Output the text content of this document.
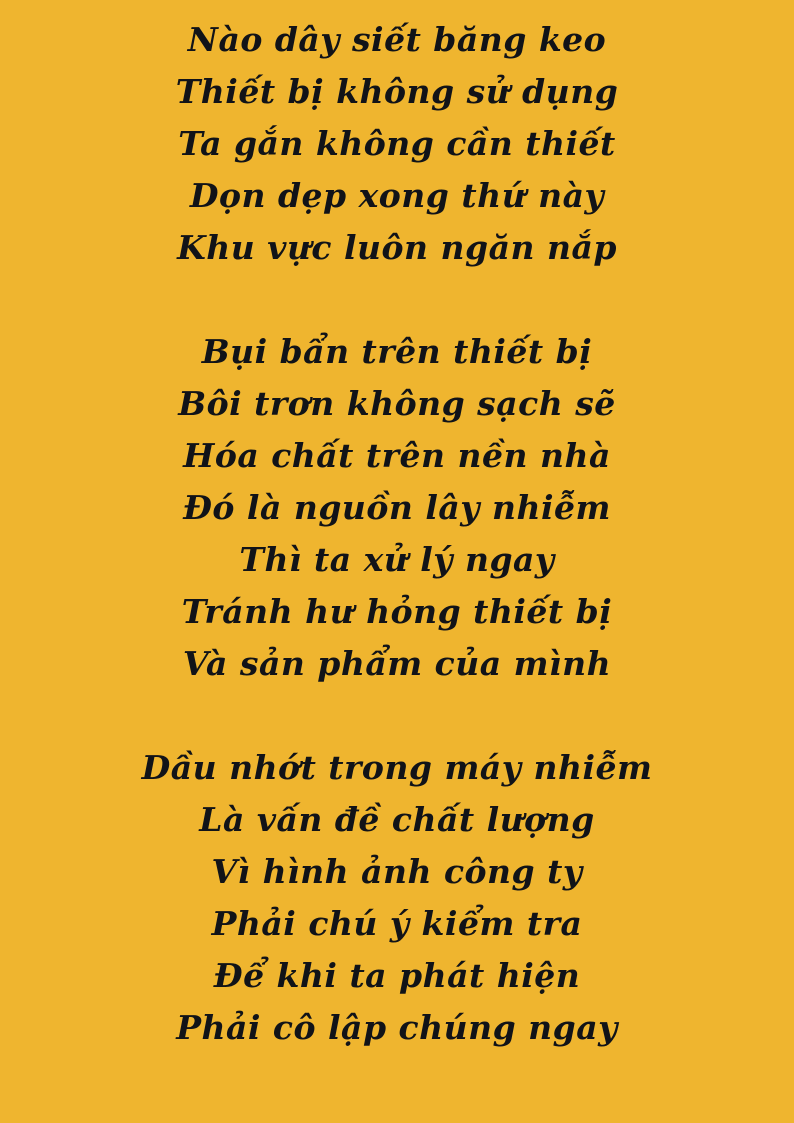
Nào dây siết băng keo
Thiết bị không sử dụng
Ta gắn không cần thiết
Dọn dẹp xong thứ này
Khu vực luôn ngăn nắp
Bụi bẩn trên thiết bị
Bôi trơn không sạch sẽ
Hóa chất trên nền nhà
Đó là nguồn lây nhiễm
Thì ta xử lý ngay
Tránh hư hỏng thiết bị
Và sản phẩm của mình
Dầu nhớt trong máy nhiễm
Là vấn đề chất lượng
Vì hình ảnh công ty
Phải chú ý kiểm tra
Để khi ta phát hiện
Phải cô lập chúng ngay
